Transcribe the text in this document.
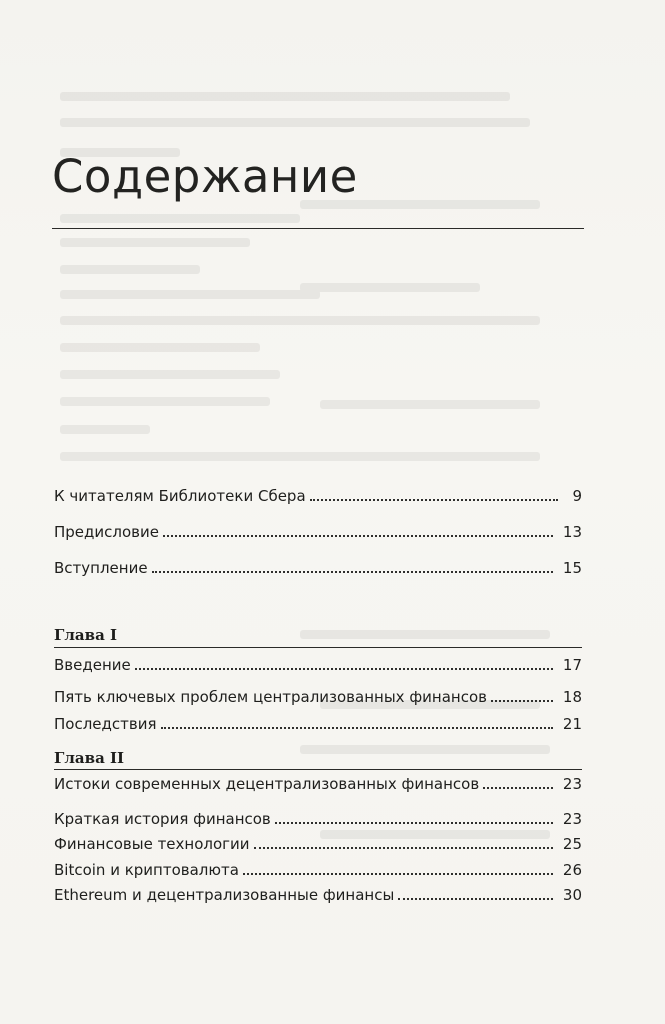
Содержание
К читателям Библиотеки Сбера	9
Предисловие	13
Вступление	15
Глава I
Введение	17
Пять ключевых проблем централизованных финансов	18
Последствия	21
Глава II
Истоки современных децентрализованных финансов	23
Краткая история финансов	23
Финансовые технологии	25
Bitcoin и криптовалюта	26
Ethereum и децентрализованные финансы	30
